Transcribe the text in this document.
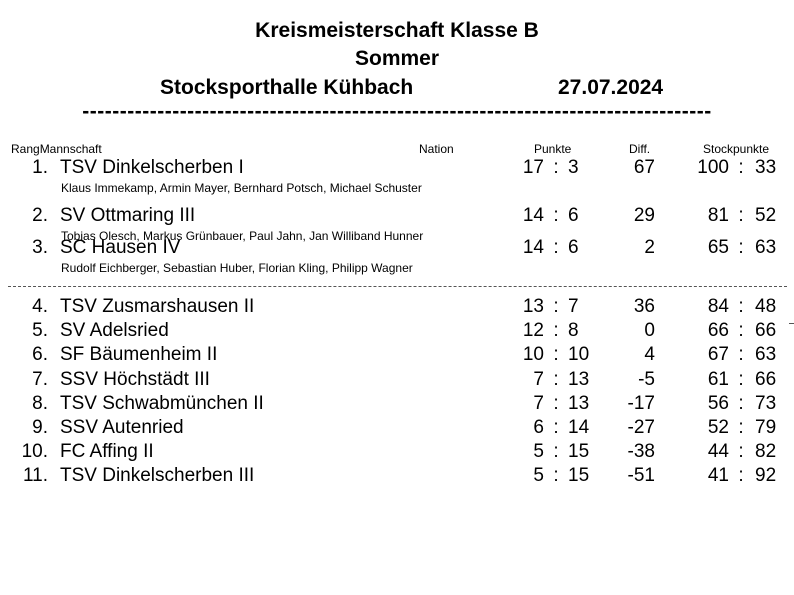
Kreismeisterschaft Klasse B
Sommer
Stocksporthalle Kühbach	27.07.2024
------------------------------------------------------------------------------------
RangMannschaft	Nation	Punkte	Diff.	Stockpunkte
1. TSV Dinkelscherben I	17 : 3	67	100 : 33
Klaus Immekamp, Armin Mayer, Bernhard Potsch, Michael Schuster
2. SV Ottmaring III	14 : 6	29	81 : 52
Tobias Olesch, Markus Grünbauer, Paul Jahn, Jan Williband Hunner
3. SC Hausen IV	14 : 6	2	65 : 63
Rudolf Eichberger, Sebastian Huber, Florian Kling, Philipp Wagner
4. TSV Zusmarshausen II	13 : 7	36	84 : 48
5. SV Adelsried	12 : 8	0	66 : 66
6. SF Bäumenheim II	10 : 10	4	67 : 63
7. SSV Höchstädt III	7 : 13	-5	61 : 66
8. TSV Schwabmünchen II	7 : 13	-17	56 : 73
9. SSV Autenried	6 : 14	-27	52 : 79
10. FC Affing II	5 : 15	-38	44 : 82
11. TSV Dinkelscherben III	5 : 15	-51	41 : 92
